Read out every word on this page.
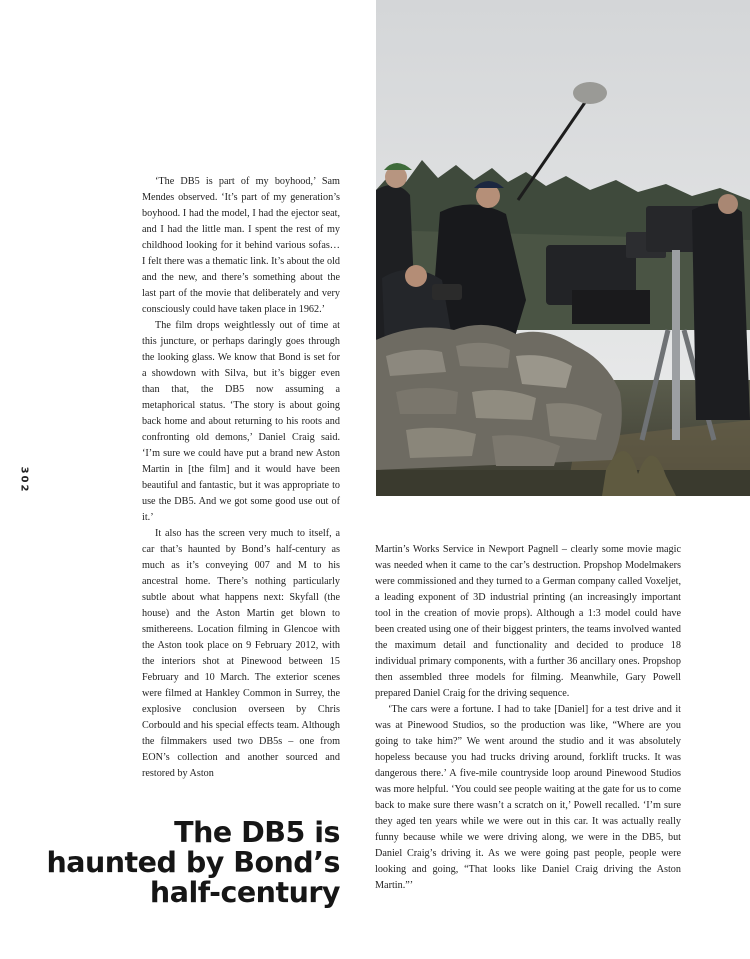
302

‘The DB5 is part of my boyhood,’ Sam Mendes observed. ‘It’s part of my generation’s boyhood. I had the model, I had the ejector seat, and I had the little man. I spent the rest of my childhood looking for it behind various sofas… I felt there was a thematic link. It’s about the old and the new, and there’s something about the last part of the movie that deliberately and very consciously could have taken place in 1962.’

The film drops weightlessly out of time at this juncture, or perhaps daringly goes through the looking glass. We know that Bond is set for a showdown with Silva, but it’s bigger even than that, the DB5 now assuming a metaphorical status. ‘The story is about going back home and about returning to his roots and confronting old demons,’ Daniel Craig said. ‘I’m sure we could have put a brand new Aston Martin in [the film] and it would have been beautiful and fantastic, but it was appropriate to use the DB5. And we got some good use out of it.’

It also has the screen very much to itself, a car that’s haunted by Bond’s half-century as much as it’s conveying 007 and M to his ancestral home. There’s nothing particularly subtle about what happens next: Skyfall (the house) and the Aston Martin get blown to smithereens. Location filming in Glencoe with the Aston took place on 9 February 2012, with the interiors shot at Pinewood between 15 February and 10 March. The exterior scenes were filmed at Hankley Common in Surrey, the explosive conclusion overseen by Chris Corbould and his special effects team. Although the filmmakers used two DB5s – one from EON’s collection and another sourced and restored by Aston

Martin’s Works Service in Newport Pagnell – clearly some movie magic was needed when it came to the car’s destruction. Propshop Modelmakers were commissioned and they turned to a German company called Voxeljet, a leading exponent of 3D industrial printing (an increasingly important tool in the creation of movie props). Although a 1:3 model could have been created using one of their biggest printers, the teams involved wanted the maximum detail and functionality and decided to produce 18 individual primary components, with a further 36 ancillary ones. Propshop then assembled three models for filming. Meanwhile, Gary Powell prepared Daniel Craig for the driving sequence.

‘The cars were a fortune. I had to take [Daniel] for a test drive and it was at Pinewood Studios, so the production was like, “Where are you going to take him?” We went around the studio and it was absolutely hopeless because you had trucks driving around, forklift trucks. It was dangerous there.’ A five-mile countryside loop around Pinewood Studios was more helpful. ‘You could see people waiting at the gate for us to come back to make sure there wasn’t a scratch on it,’ Powell recalled. ‘I’m sure they aged ten years while we were out in this car. It was actually really funny because while we were driving along, we were in the DB5, but Daniel Craig’s driving it. As we were going past people, people were looking and going, “That looks like Daniel Craig driving the Aston Martin.”’

The DB5 is
haunted by Bond’s
half-century
